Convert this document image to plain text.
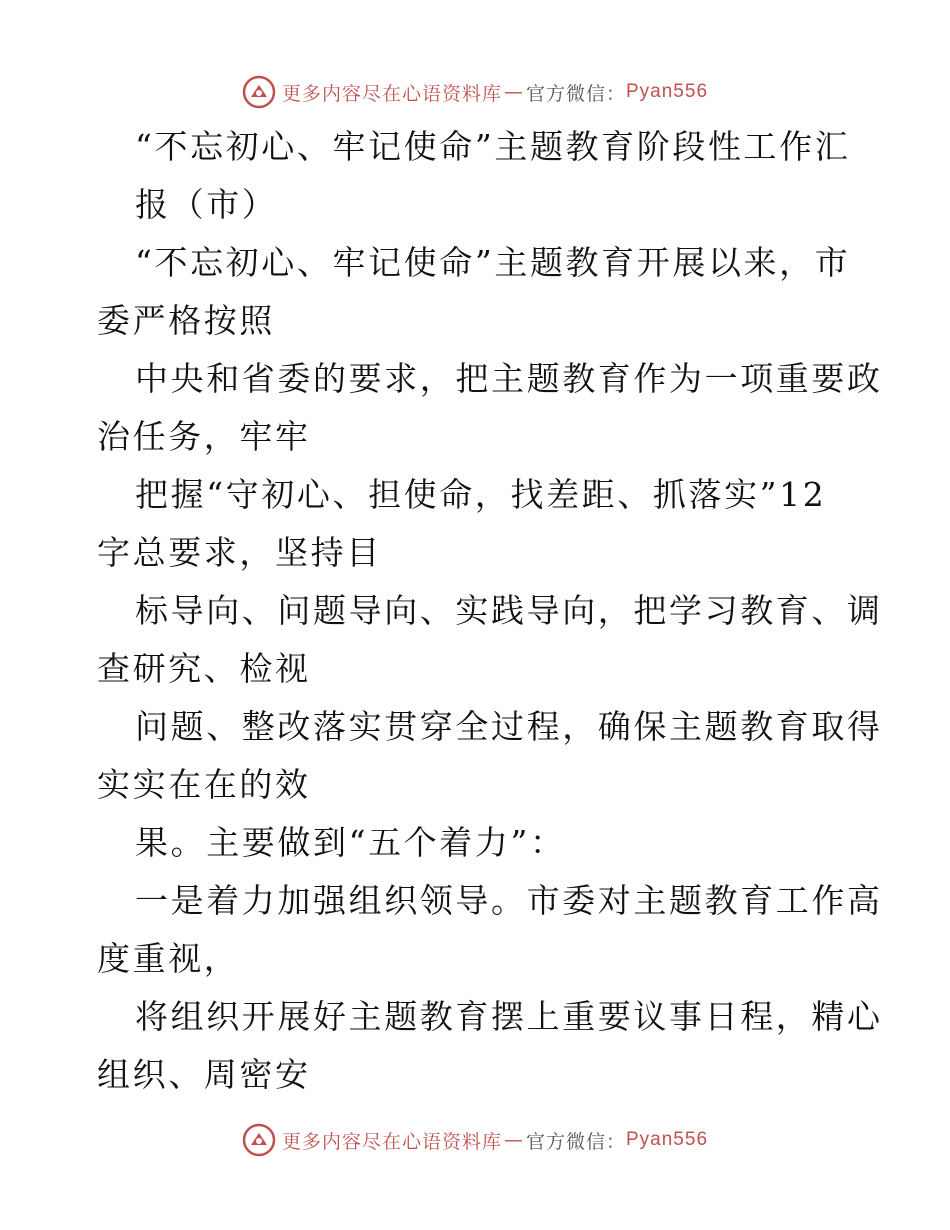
更多内容尽在心语资料库 — 官方微信： Pyan556
“不忘初心、牢记使命”主题教育阶段性工作汇
报（市）
“不忘初心、牢记使命”主题教育开展以来，市
委严格按照
中央和省委的要求，把主题教育作为一项重要政
治任务，牢牢
把握“守初心、担使命，找差距、抓落实”12
字总要求，坚持目
标导向、问题导向、实践导向，把学习教育、调
查研究、检视
问题、整改落实贯穿全过程，确保主题教育取得
实实在在的效
果。主要做到“五个着力”：
一是着力加强组织领导。市委对主题教育工作高
度重视，
将组织开展好主题教育摆上重要议事日程，精心
组织、周密安
更多内容尽在心语资料库 — 官方微信： Pyan556
